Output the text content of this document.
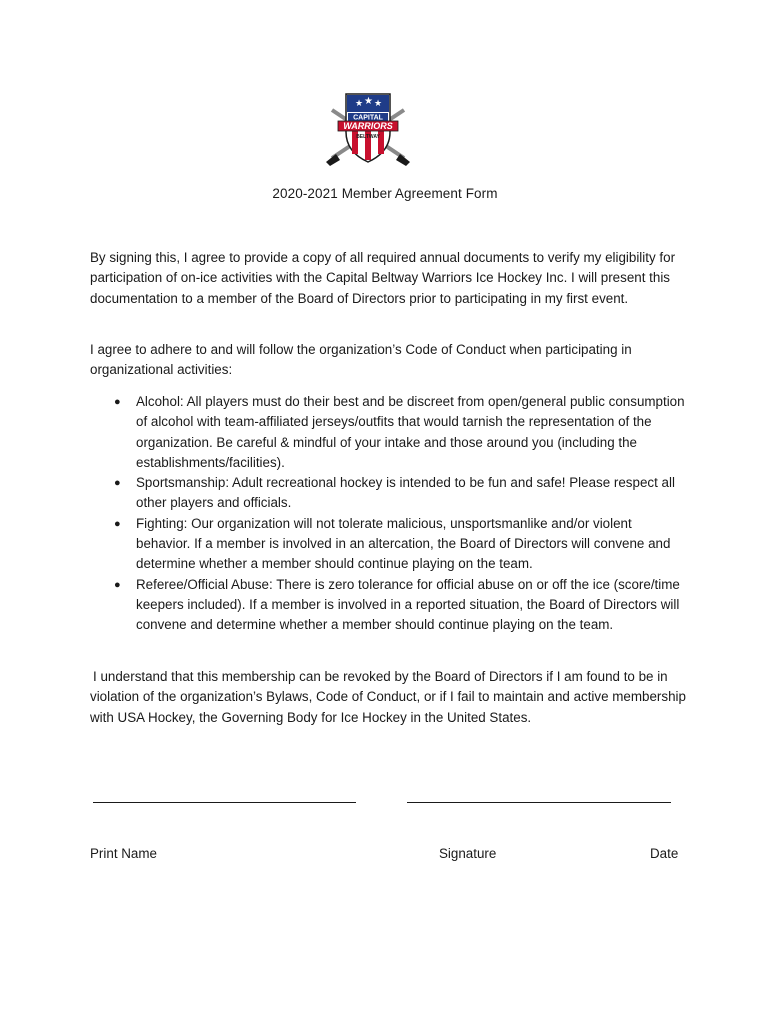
★ ★ ★
CAPITAL
WARRIORS
BELTWAY
2020-2021 Member Agreement Form
By signing this, I agree to provide a copy of all required annual documents to verify my eligibility for participation of on-ice activities with the Capital Beltway Warriors Ice Hockey Inc. I will present this documentation to a member of the Board of Directors prior to participating in my first event.
I agree to adhere to and will follow the organization’s Code of Conduct when participating in organizational activities:
● Alcohol: All players must do their best and be discreet from open/general public consumption of alcohol with team-affiliated jerseys/outfits that would tarnish the representation of the organization. Be careful & mindful of your intake and those around you (including the establishments/facilities).
● Sportsmanship: Adult recreational hockey is intended to be fun and safe! Please respect all other players and officials.
● Fighting: Our organization will not tolerate malicious, unsportsmanlike and/or violent behavior. If a member is involved in an altercation, the Board of Directors will convene and determine whether a member should continue playing on the team.
● Referee/Official Abuse: There is zero tolerance for official abuse on or off the ice (score/time keepers included). If a member is involved in a reported situation, the Board of Directors will convene and determine whether a member should continue playing on the team.
I understand that this membership can be revoked by the Board of Directors if I am found to be in violation of the organization’s Bylaws, Code of Conduct, or if I fail to maintain and active membership with USA Hockey, the Governing Body for Ice Hockey in the United States.
Print Name	Signature	Date
